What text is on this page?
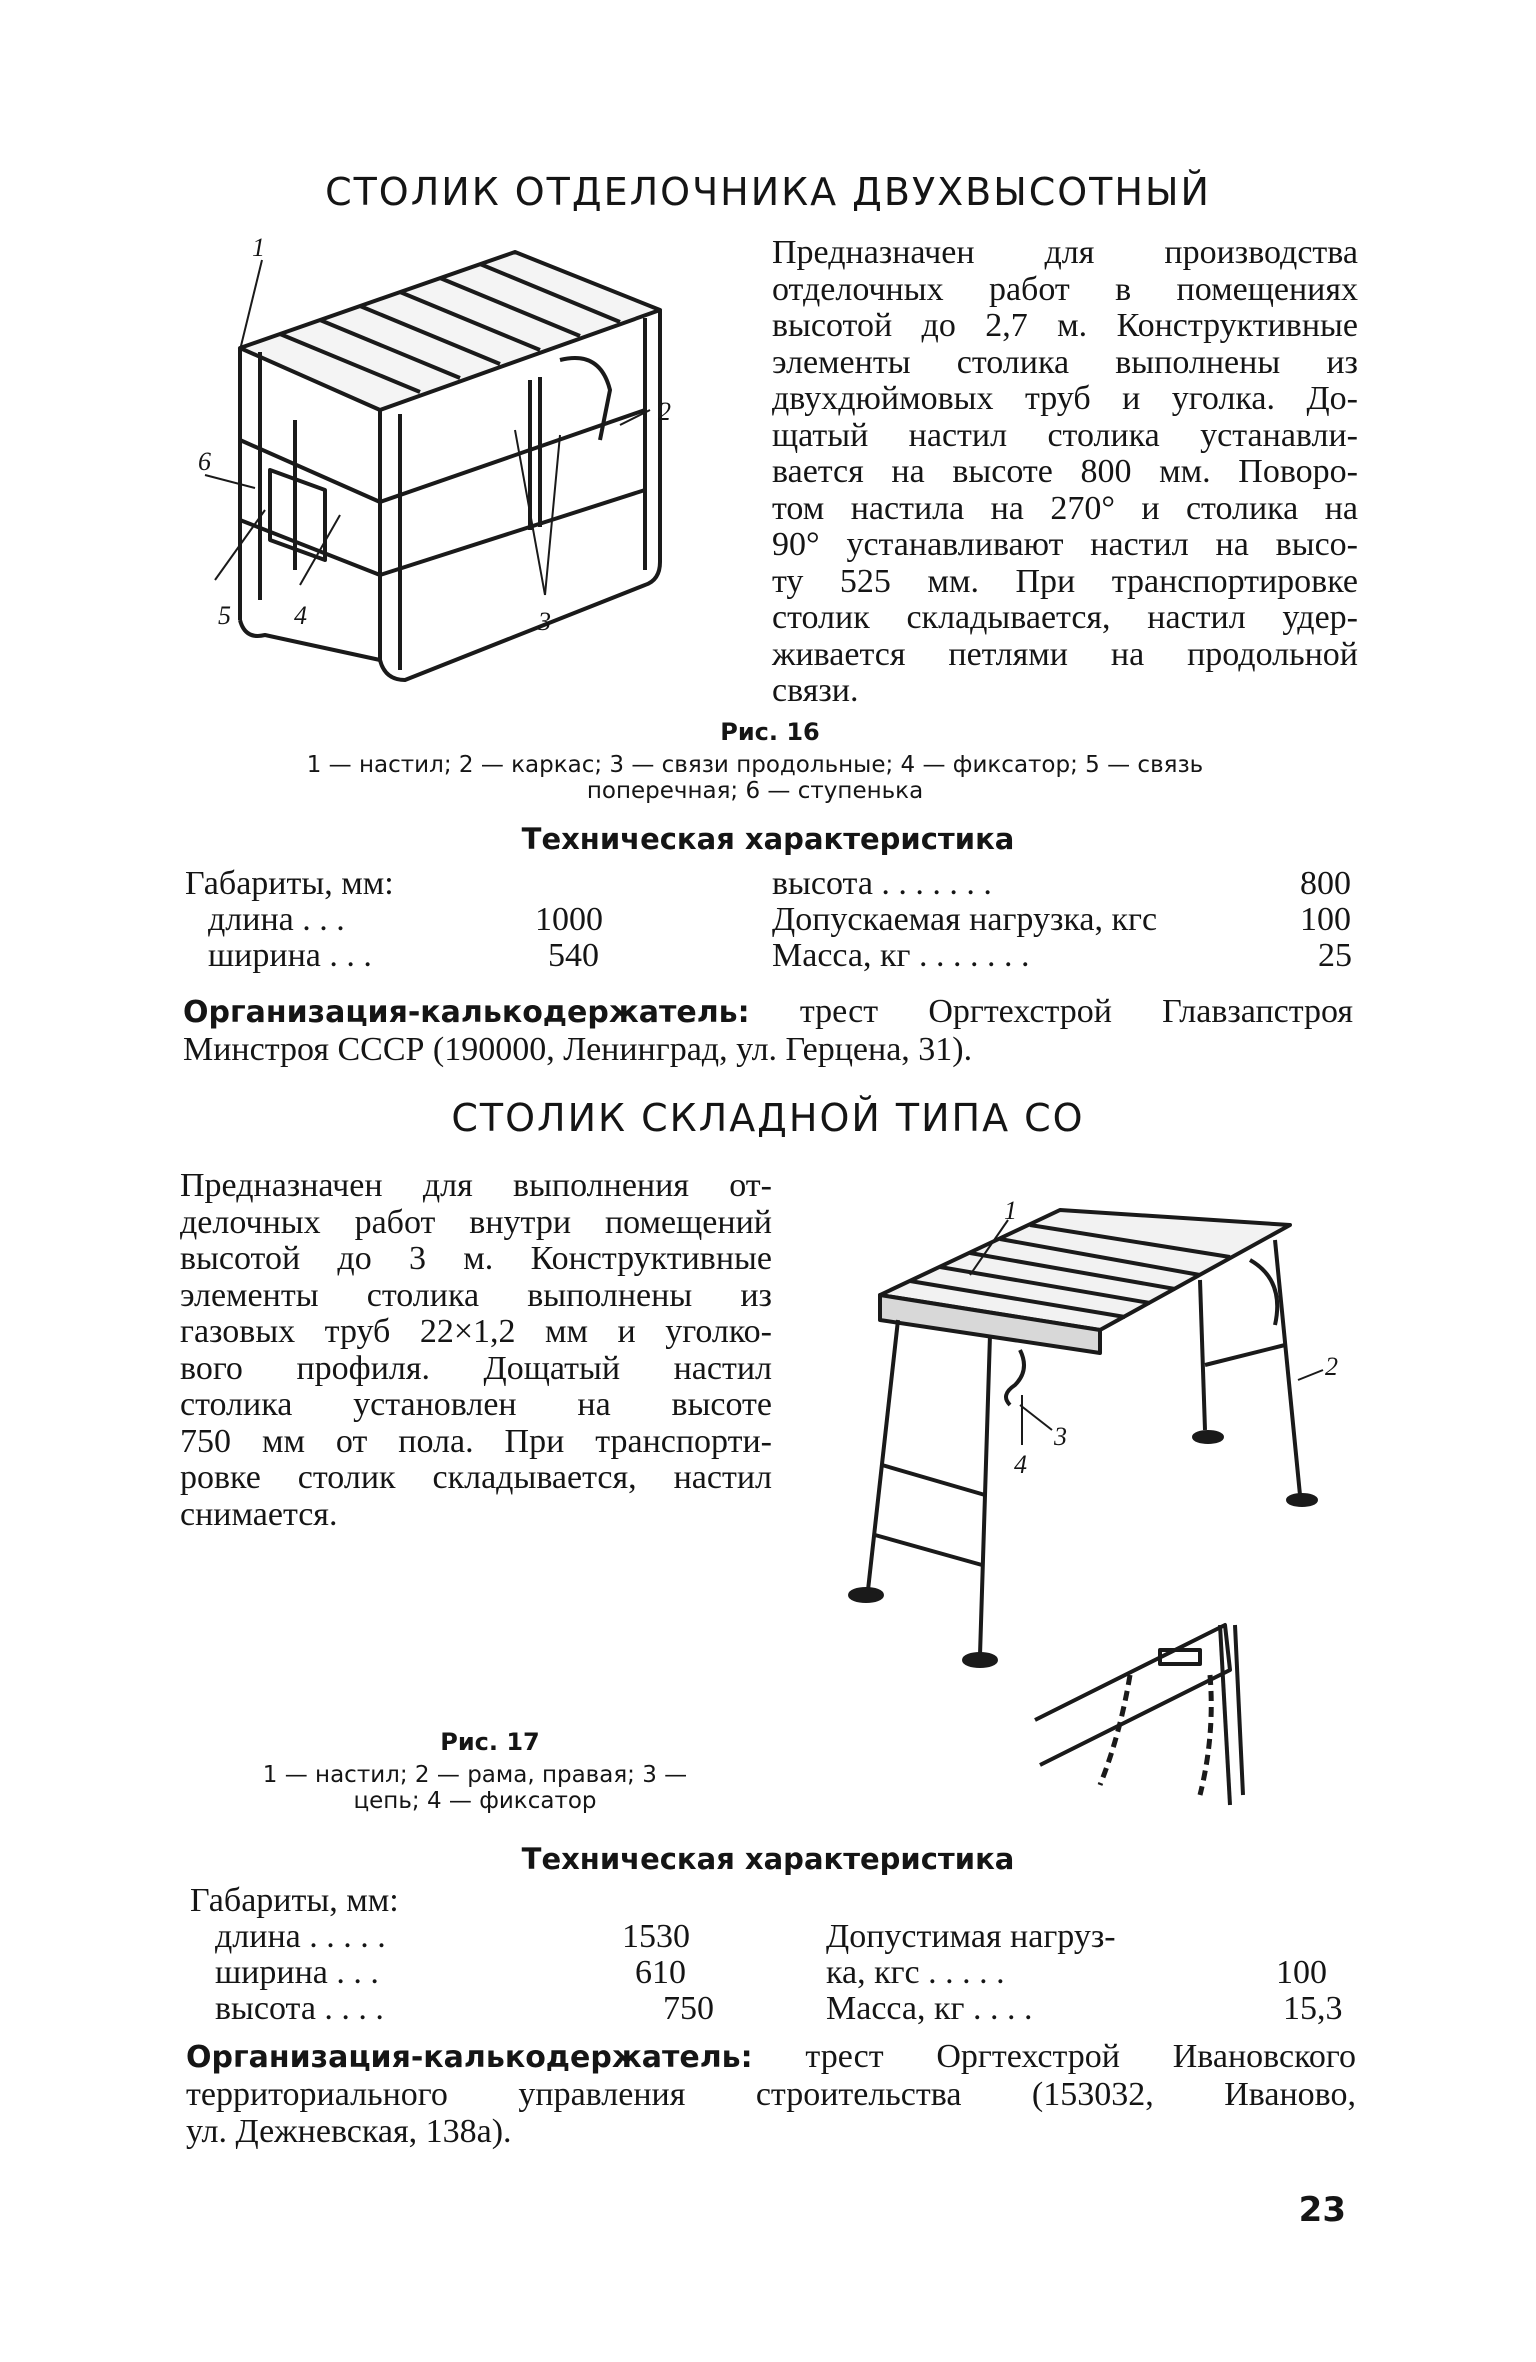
СТОЛИК ОТДЕЛОЧНИКА ДВУХВЫСОТНЫЙ
1
2
3
4
5
6
Предназначен для производства
отделочных работ в помещениях
высотой до 2,7 м. Конструктивные
элементы столика выполнены из
двухдюймовых труб и уголка. До-
щатый настил столика устанавли-
вается на высоте 800 мм. Поворо-
том настила на 270° и столика на
90° устанавливают настил на высо-
ту 525 мм. При транспортировке
столик складывается, настил удер-
живается петлями на продольной
связи.
Рис. 16
1 — настил; 2 — каркас; 3 — связи продольные; 4 — фиксатор; 5 — связь
поперечная; 6 — ступенька
Техническая характеристика
Габариты, мм:
длина . . .	1000
ширина . . .	540
высота . . . . . . .	800
Допускаемая нагрузка, кгс	100
Масса, кг . . . . . . .	25
Организация-калькодержатель: трест Оргтехстрой Главзапстроя
Минстроя СССР (190000, Ленинград, ул. Герцена, 31).
СТОЛИК СКЛАДНОЙ ТИПА СО
Предназначен для выполнения от-
делочных работ внутри помещений
высотой до 3 м. Конструктивные
элементы столика выполнены из
газовых труб 22×1,2 мм и уголко-
вого профиля. Дощатый настил
столика установлен на высоте
750 мм от пола. При транспорти-
ровке столик складывается, настил
снимается.
1
2
3
4
Рис. 17
1 — настил; 2 — рама, правая; 3 —
цепь; 4 — фиксатор
Техническая характеристика
Габариты, мм:
длина . . . . .	1530
ширина . . .	610
высота . . . .	750
Допустимая нагруз-
ка, кгс . . . . .	100
Масса, кг . . . .	15,3
Организация-калькодержатель: трест Оргтехстрой Ивановского
территориального управления строительства (153032, Иваново,
ул. Дежневская, 138а).
23
